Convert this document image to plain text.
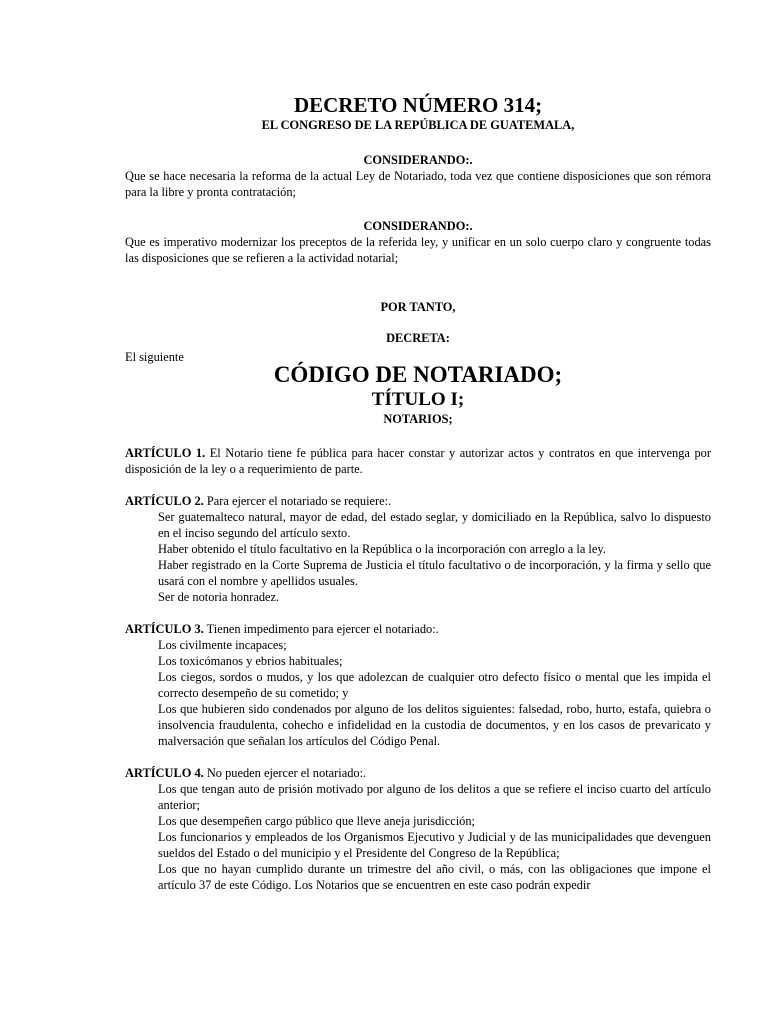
DECRETO NÚMERO 314;
EL CONGRESO DE LA REPÚBLICA DE GUATEMALA,
CONSIDERANDO:.
Que se hace necesaria la reforma de la actual Ley de Notariado, toda vez que contiene disposiciones que son rémora para la libre y pronta contratación;
CONSIDERANDO:.
Que es imperativo modernizar los preceptos de la referida ley, y unificar en un solo cuerpo claro y congruente todas las disposiciones que se refieren a la actividad notarial;
POR TANTO,
DECRETA:
El siguiente
CÓDIGO DE NOTARIADO;
TÍTULO I;
NOTARIOS;
ARTÍCULO 1. El Notario tiene fe pública para hacer constar y autorizar actos y contratos en que intervenga por disposición de la ley o a requerimiento de parte.
ARTÍCULO 2. Para ejercer el notariado se requiere:.
Ser guatemalteco natural, mayor de edad, del estado seglar, y domiciliado en la República, salvo lo dispuesto en el inciso segundo del artículo sexto.
Haber obtenido el título facultativo en la República o la incorporación con arreglo a la ley.
Haber registrado en la Corte Suprema de Justicia el título facultativo o de incorporación, y la firma y sello que usará con el nombre y apellidos usuales.
Ser de notoria honradez.
ARTÍCULO 3. Tienen impedimento para ejercer el notariado:.
Los civilmente incapaces;
Los toxicómanos y ebrios habituales;
Los ciegos, sordos o mudos, y los que adolezcan de cualquier otro defecto físico o mental que les impida el correcto desempeño de su cometido; y
Los que hubieren sido condenados por alguno de los delitos siguientes: falsedad, robo, hurto, estafa, quiebra o insolvencia fraudulenta, cohecho e infidelidad en la custodia de documentos, y en los casos de prevaricato y malversación que señalan los artículos del Código Penal.
ARTÍCULO 4. No pueden ejercer el notariado:.
Los que tengan auto de prisión motivado por alguno de los delitos a que se refiere el inciso cuarto del artículo anterior;
Los que desempeñen cargo público que lleve aneja jurisdicción;
Los funcionarios y empleados de los Organismos Ejecutivo y Judicial y de las municipalidades que devenguen sueldos del Estado o del municipio y el Presidente del Congreso de la República;
Los que no hayan cumplido durante un trimestre del año civil, o más, con las obligaciones que impone el artículo 37 de este Código. Los Notarios que se encuentren en este caso podrán expedir
